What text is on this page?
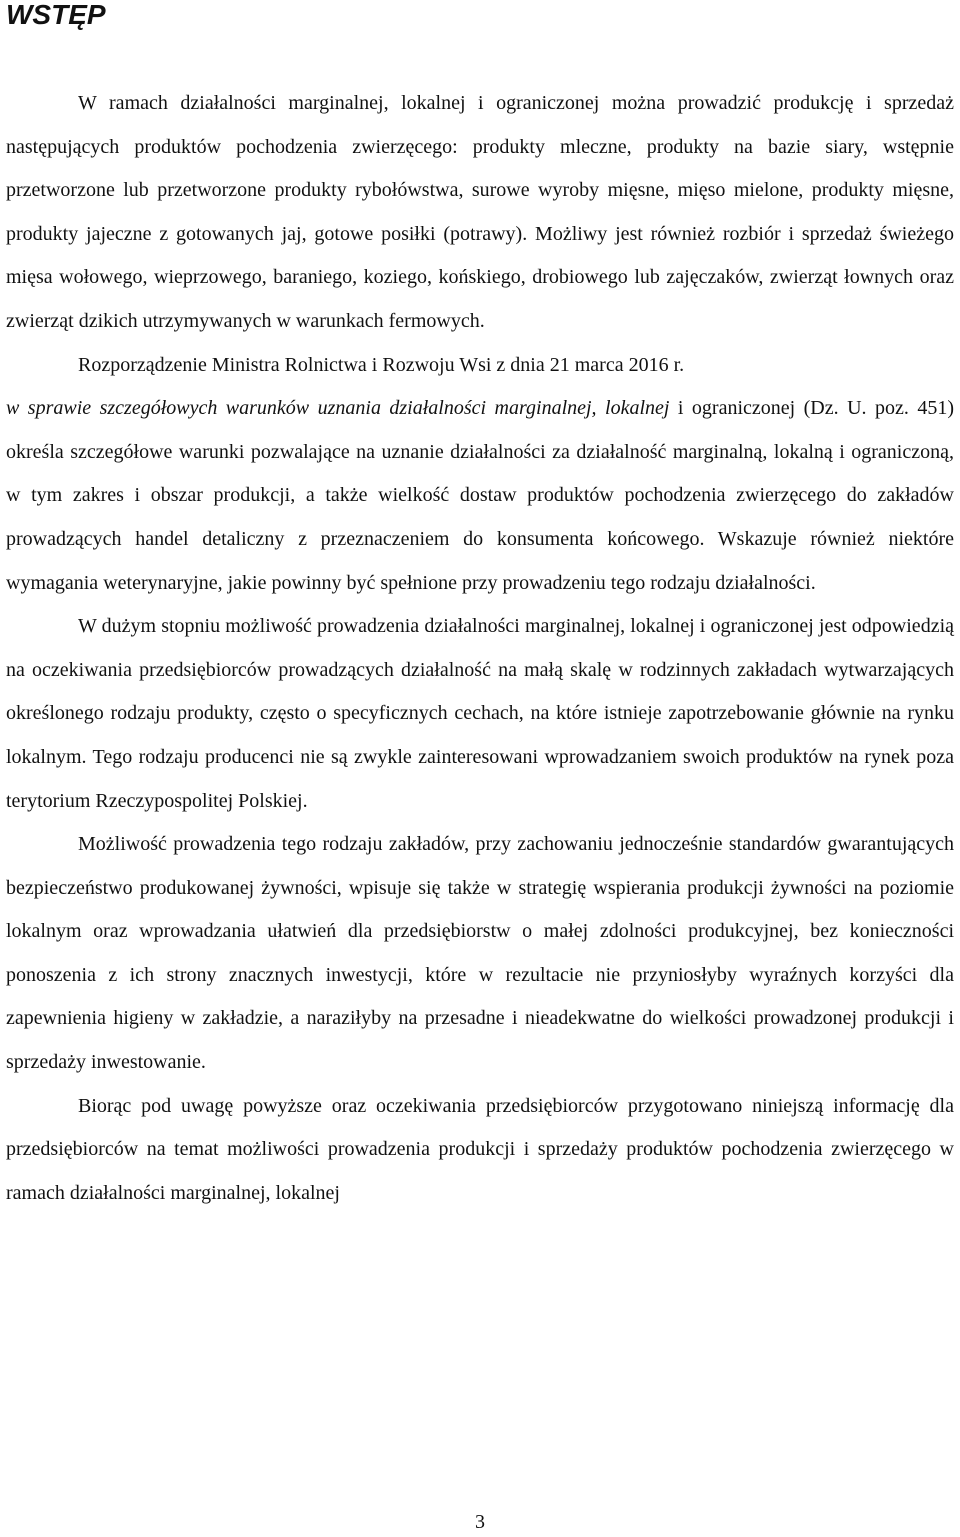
WSTĘP

W ramach działalności marginalnej, lokalnej i ograniczonej można prowadzić produkcję i sprzedaż następujących produktów pochodzenia zwierzęcego: produkty mleczne, produkty na bazie siary, wstępnie przetworzone lub przetworzone produkty rybołówstwa, surowe wyroby mięsne, mięso mielone, produkty mięsne, produkty jajeczne z gotowanych jaj, gotowe posiłki (potrawy). Możliwy jest również rozbiór i sprzedaż świeżego mięsa wołowego, wieprzowego, baraniego, koziego, końskiego, drobiowego lub zajęczaków, zwierząt łownych oraz zwierząt dzikich utrzymywanych w warunkach fermowych.

Rozporządzenie Ministra Rolnictwa i Rozwoju Wsi z dnia 21 marca 2016 r.

w sprawie szczegółowych warunków uznania działalności marginalnej, lokalnej i ograniczonej (Dz. U. poz. 451) określa szczegółowe warunki pozwalające na uznanie działalności za działalność marginalną, lokalną i ograniczoną, w tym zakres i obszar produkcji, a także wielkość dostaw produktów pochodzenia zwierzęcego do zakładów prowadzących handel detaliczny z przeznaczeniem do konsumenta końcowego. Wskazuje również niektóre wymagania weterynaryjne, jakie powinny być spełnione przy prowadzeniu tego rodzaju działalności.

W dużym stopniu możliwość prowadzenia działalności marginalnej, lokalnej i ograniczonej jest odpowiedzią na oczekiwania przedsiębiorców prowadzących działalność na małą skalę w rodzinnych zakładach wytwarzających określonego rodzaju produkty, często o specyficznych cechach, na które istnieje zapotrzebowanie głównie na rynku lokalnym. Tego rodzaju producenci nie są zwykle zainteresowani wprowadzaniem swoich produktów na rynek poza terytorium Rzeczypospolitej Polskiej.

Możliwość prowadzenia tego rodzaju zakładów, przy zachowaniu jednocześnie standardów gwarantujących bezpieczeństwo produkowanej żywności, wpisuje się także w strategię wspierania produkcji żywności na poziomie lokalnym oraz wprowadzania ułatwień dla przedsiębiorstw o małej zdolności produkcyjnej, bez konieczności ponoszenia z ich strony znacznych inwestycji, które w rezultacie nie przyniosłyby wyraźnych korzyści dla zapewnienia higieny w zakładzie, a naraziłyby na przesadne i nieadekwatne do wielkości prowadzonej produkcji i sprzedaży inwestowanie.

Biorąc pod uwagę powyższe oraz oczekiwania przedsiębiorców przygotowano niniejszą informację dla przedsiębiorców na temat możliwości prowadzenia produkcji i sprzedaży produktów pochodzenia zwierzęcego w ramach działalności marginalnej, lokalnej

3
